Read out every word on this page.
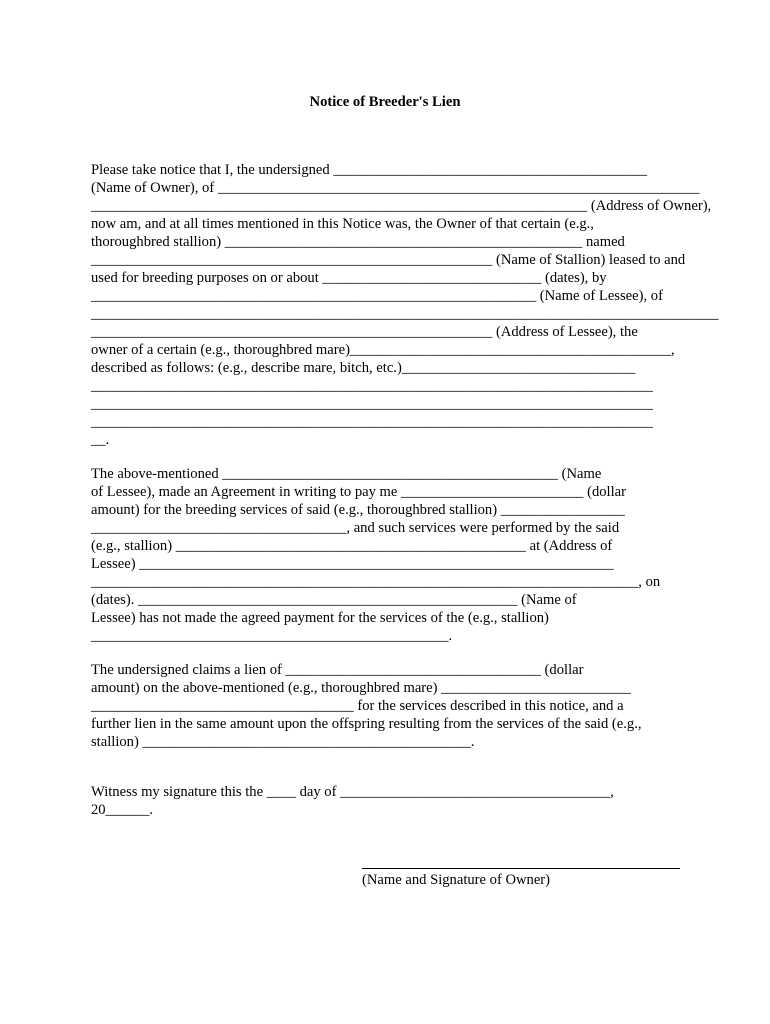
Notice of Breeder's Lien
Please take notice that I, the undersigned ___________________________________________
(Name of Owner), of __________________________________________________________________
____________________________________________________________________ (Address of Owner),
now am, and at all times mentioned in this Notice was, the Owner of that certain (e.g.,
thoroughbred stallion) _________________________________________________ named
_______________________________________________________ (Name of Stallion) leased to and
used for breeding purposes on or about ______________________________ (dates), by
_____________________________________________________________ (Name of Lessee), of
______________________________________________________________________________________
_______________________________________________________ (Address of Lessee), the
owner of a certain (e.g., thoroughbred mare)____________________________________________,
described as follows: (e.g., describe mare, bitch, etc.)________________________________
_____________________________________________________________________________
_____________________________________________________________________________
_____________________________________________________________________________
__.
The above-mentioned ______________________________________________ (Name
of Lessee), made an Agreement in writing to pay me _________________________ (dollar
amount) for the breeding services of said (e.g., thoroughbred stallion) _________________
___________________________________, and such services were performed by the said
(e.g., stallion) ________________________________________________ at (Address of
Lessee) _________________________________________________________________
___________________________________________________________________________, on
(dates). ____________________________________________________ (Name of
Lessee) has not made the agreed payment for the services of the (e.g., stallion)
_________________________________________________.
The undersigned claims a lien of ___________________________________ (dollar
amount) on the above-mentioned (e.g., thoroughbred mare) __________________________
____________________________________ for the services described in this notice, and a
further lien in the same amount upon the offspring resulting from the services of the said (e.g.,
stallion) _____________________________________________.
Witness my signature this the ____ day of _____________________________________,
20______.
(Name and Signature of Owner)
